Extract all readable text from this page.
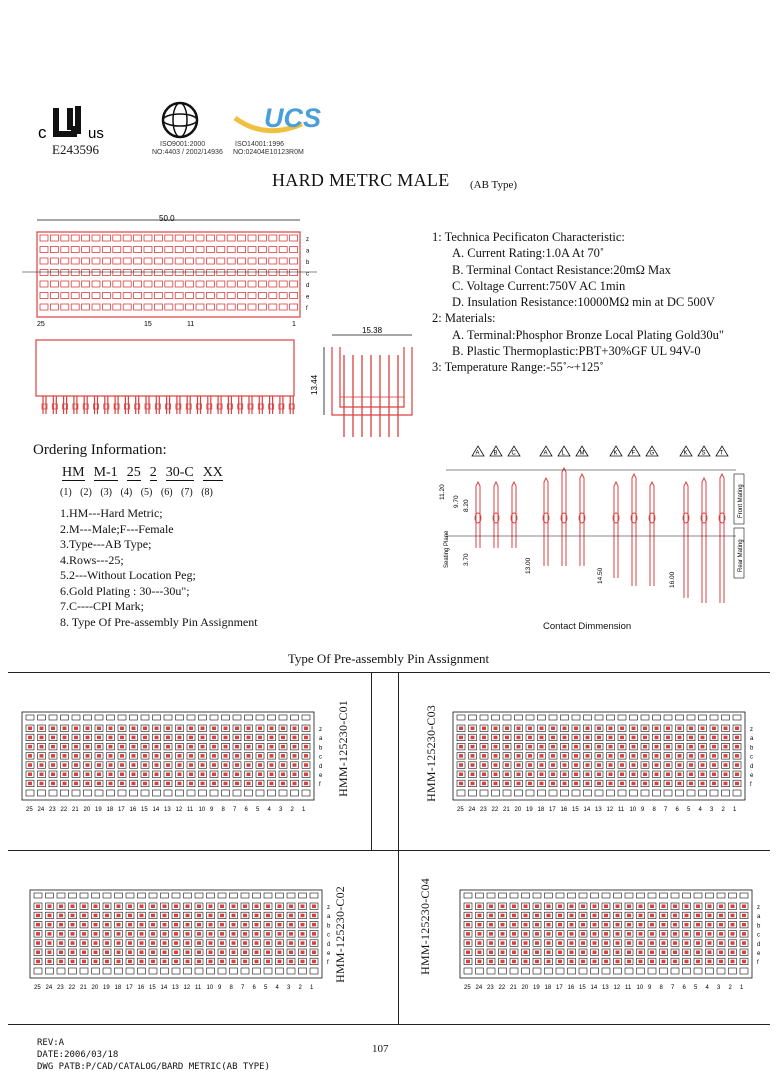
c	us
UCS
E243596	ISO9001:2000
NO:4403 / 2002/14936
ISO14001:1996
NO:02404E10123R0M
HARD METRC MALE (AB Type)
50.0
z
a
b
c
d
e
f
25	15	11	1
15.38
13.44
1: Technica Pecificaton Characteristic:
A. Current Rating:1.0A At 70˚
B. Terminal Contact Resistance:20mΩ Max
C. Voltage Current:750V AC 1min
D. Insulation Resistance:10000MΩ min at DC 500V
2: Materials:
A. Terminal:Phosphor Bronze Local Plating Gold30u"
B. Plastic Thermoplastic:PBT+30%GF UL 94V-0
3: Temperature Range:-55˚~+125˚
Ordering Information:
HM M-1 25 2 30-C XX
(1) (2) (3) (4) (5) (6) (7) (8)
1.HM---Hard Metric;
2.M---Male;F---Female
3.Type---AB Type;
4.Rows---25;
5.2---Without Location Peg;
6.Gold Plating : 30---30u";
7.C----CPI Mark;
8. Type Of Pre-assembly Pin Assignment
A B C	A L M	K F G	K S T
Seating Plane
11.20
9.70 8.20
3.70	13.00
14.50	16.00
Front Mating
Rear Mating
Contact Dimmension
Type Of Pre-assembly Pin Assignment
z
a
b
c
d
e
f
25 24 23 22 21 20 19 18 17 16 15 14 13 12 11 10 9 8 7 6 5 4 3 2 1
z
a
b
c
d
e
f
25 24 23 22 21 20 19 18 17 16 15 14 13 12 11 10 9 8 7 6 5 4 3 2 1
z
a
b
c
d
e
f
25 24 23 22 21 20 19 18 17 16 15 14 13 12 11 10 9 8 7 6 5 4 3 2 1
z
a
b
c
d
e
f
25 24 23 22 21 20 19 18 17 16 15 14 13 12 11 10 9 8 7 6 5 4 3 2 1
HMM-125230-C01	HMM-125230-C03
HMM-125230-C02	HMM-125230-C04
REV:A
DATE:2006/03/18
DWG PATB:P/CAD/CATALOG/BARD METRIC(AB TYPE)
107
